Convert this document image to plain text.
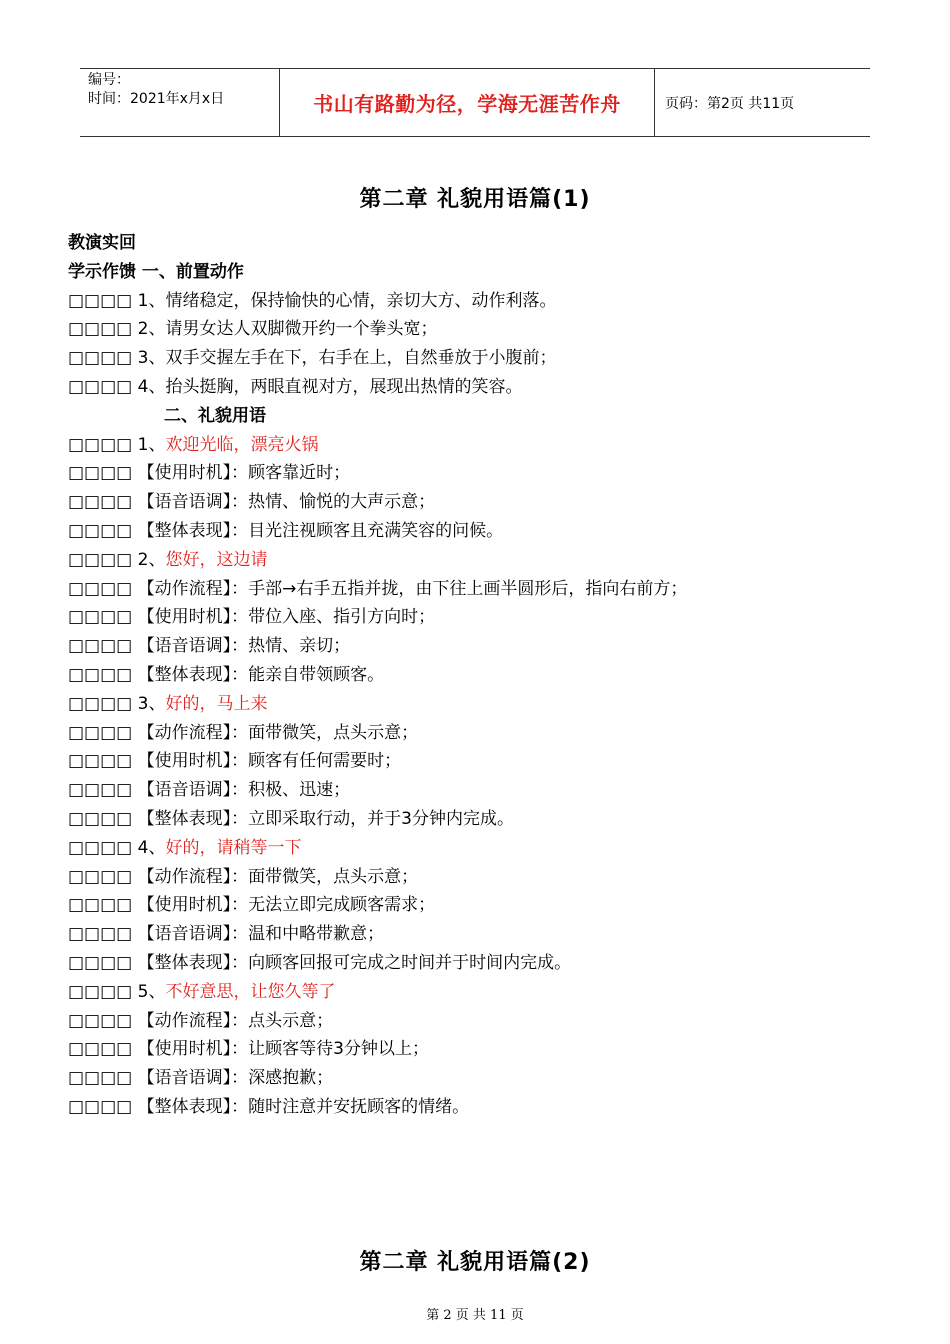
编号：
时间：2021年x月x日	书山有路勤为径，学海无涯苦作舟	页码：第2页 共11页
第二章 礼貌用语篇(1)
教演实回
学示作馈 一、前置动作
□□□□ 1、情绪稳定，保持愉快的心情，亲切大方、动作利落。
□□□□ 2、请男女达人双脚微开约一个拳头宽；
□□□□ 3、双手交握左手在下，右手在上，自然垂放于小腹前；
□□□□ 4、抬头挺胸，两眼直视对方，展现出热情的笑容。
二、礼貌用语
□□□□ 1、欢迎光临，漂亮火锅
□□□□ 【使用时机】：顾客靠近时；
□□□□ 【语音语调】：热情、愉悦的大声示意；
□□□□ 【整体表现】：目光注视顾客且充满笑容的问候。
□□□□ 2、您好，这边请
□□□□ 【动作流程】：手部→右手五指并拢，由下往上画半圆形后，指向右前方；
□□□□ 【使用时机】：带位入座、指引方向时；
□□□□ 【语音语调】：热情、亲切；
□□□□ 【整体表现】：能亲自带领顾客。
□□□□ 3、好的，马上来
□□□□ 【动作流程】：面带微笑，点头示意；
□□□□ 【使用时机】：顾客有任何需要时；
□□□□ 【语音语调】：积极、迅速；
□□□□ 【整体表现】：立即采取行动，并于3分钟内完成。
□□□□ 4、好的，请稍等一下
□□□□ 【动作流程】：面带微笑，点头示意；
□□□□ 【使用时机】：无法立即完成顾客需求；
□□□□ 【语音语调】：温和中略带歉意；
□□□□ 【整体表现】：向顾客回报可完成之时间并于时间内完成。
□□□□ 5、不好意思，让您久等了
□□□□ 【动作流程】：点头示意；
□□□□ 【使用时机】：让顾客等待3分钟以上；
□□□□ 【语音语调】：深感抱歉；
□□□□ 【整体表现】：随时注意并安抚顾客的情绪。
第二章 礼貌用语篇(2)
第 2 页 共 11 页
